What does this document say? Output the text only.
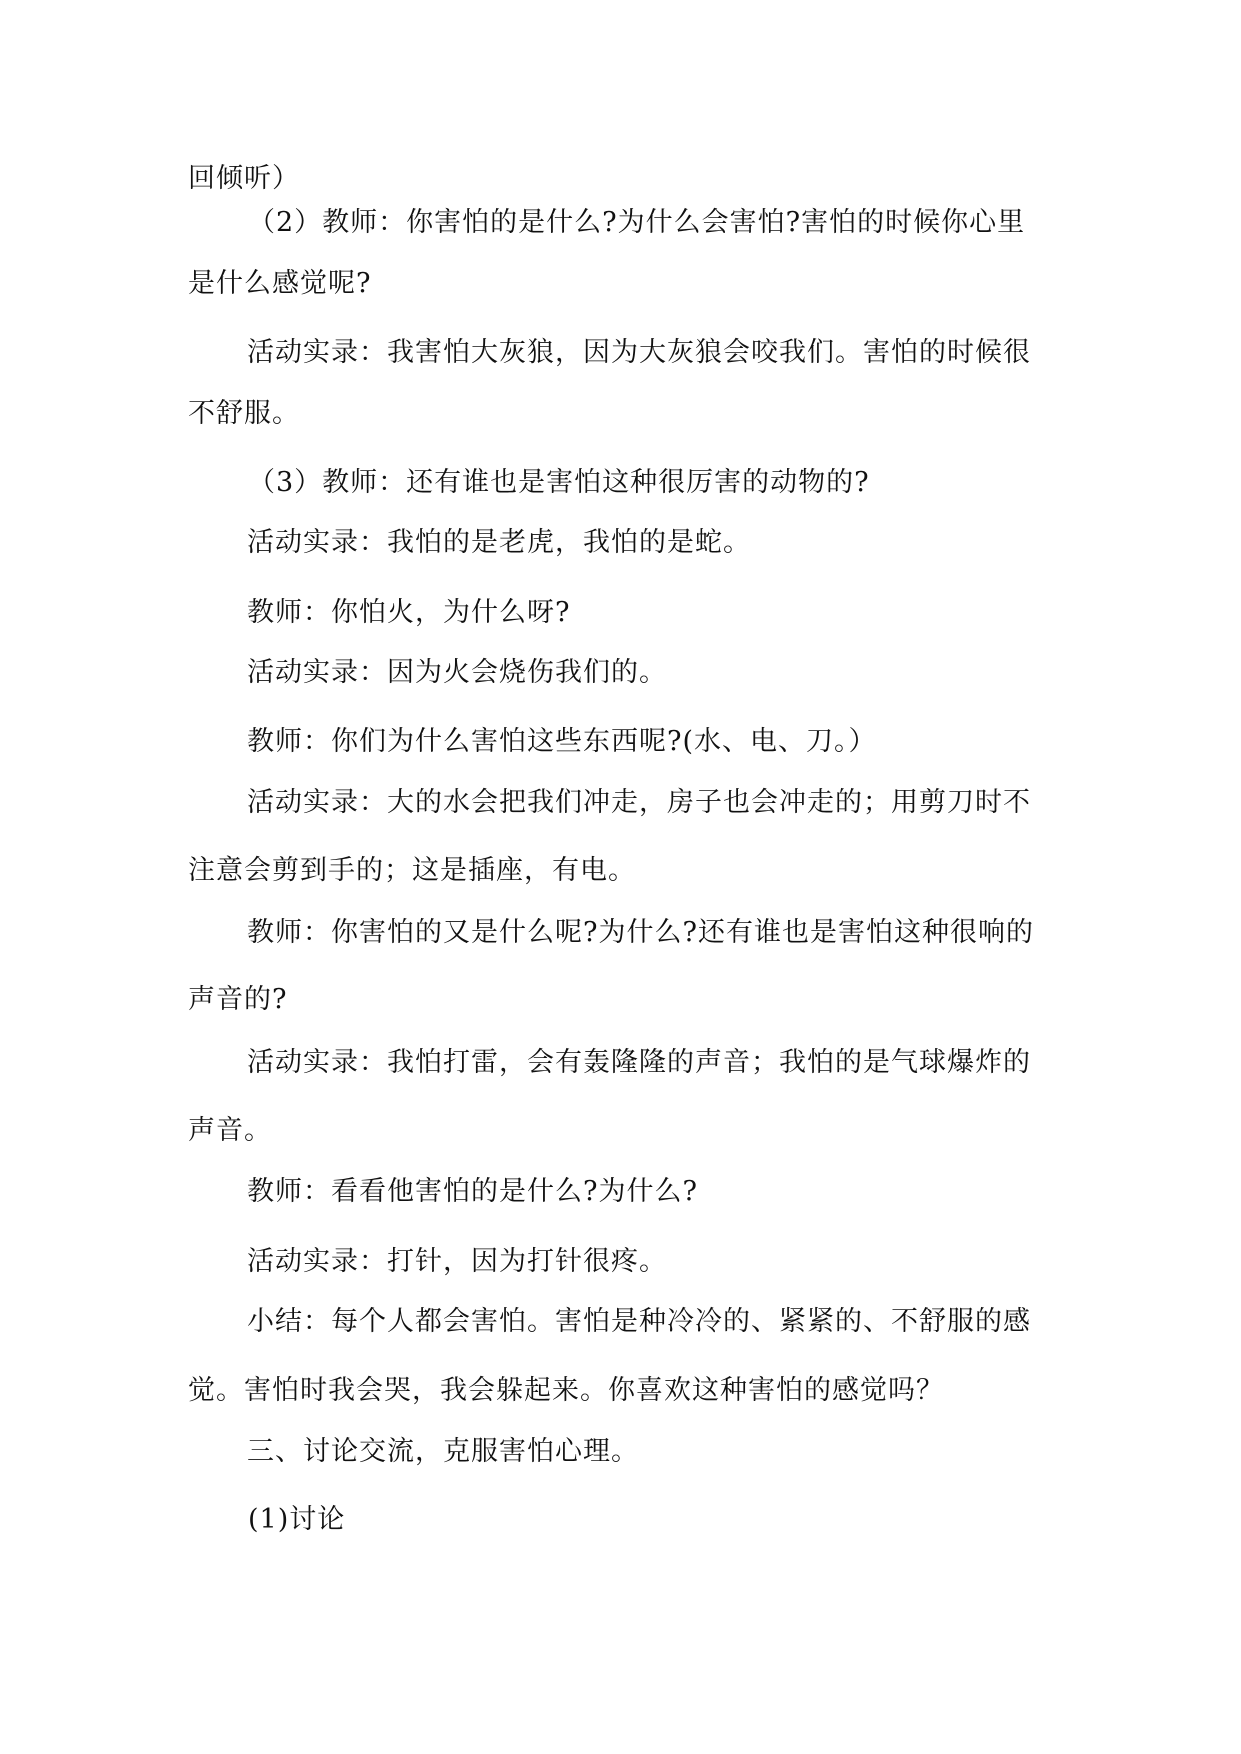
回倾听）
（2）教师：你害怕的是什么?为什么会害怕?害怕的时候你心里
是什么感觉呢?
活动实录：我害怕大灰狼，因为大灰狼会咬我们。害怕的时候很
不舒服。
（3）教师：还有谁也是害怕这种很厉害的动物的?
活动实录：我怕的是老虎，我怕的是蛇。
教师：你怕火，为什么呀?
活动实录：因为火会烧伤我们的。
教师：你们为什么害怕这些东西呢?(水、电、刀。）
活动实录：大的水会把我们冲走，房子也会冲走的；用剪刀时不
注意会剪到手的；这是插座，有电。
教师：你害怕的又是什么呢?为什么?还有谁也是害怕这种很响的
声音的?
活动实录：我怕打雷，会有轰隆隆的声音；我怕的是气球爆炸的
声音。
教师：看看他害怕的是什么?为什么?
活动实录：打针，因为打针很疼。
小结：每个人都会害怕。害怕是种冷冷的、紧紧的、不舒服的感
觉。害怕时我会哭，我会躲起来。你喜欢这种害怕的感觉吗？
三、讨论交流，克服害怕心理。
(1)讨论
